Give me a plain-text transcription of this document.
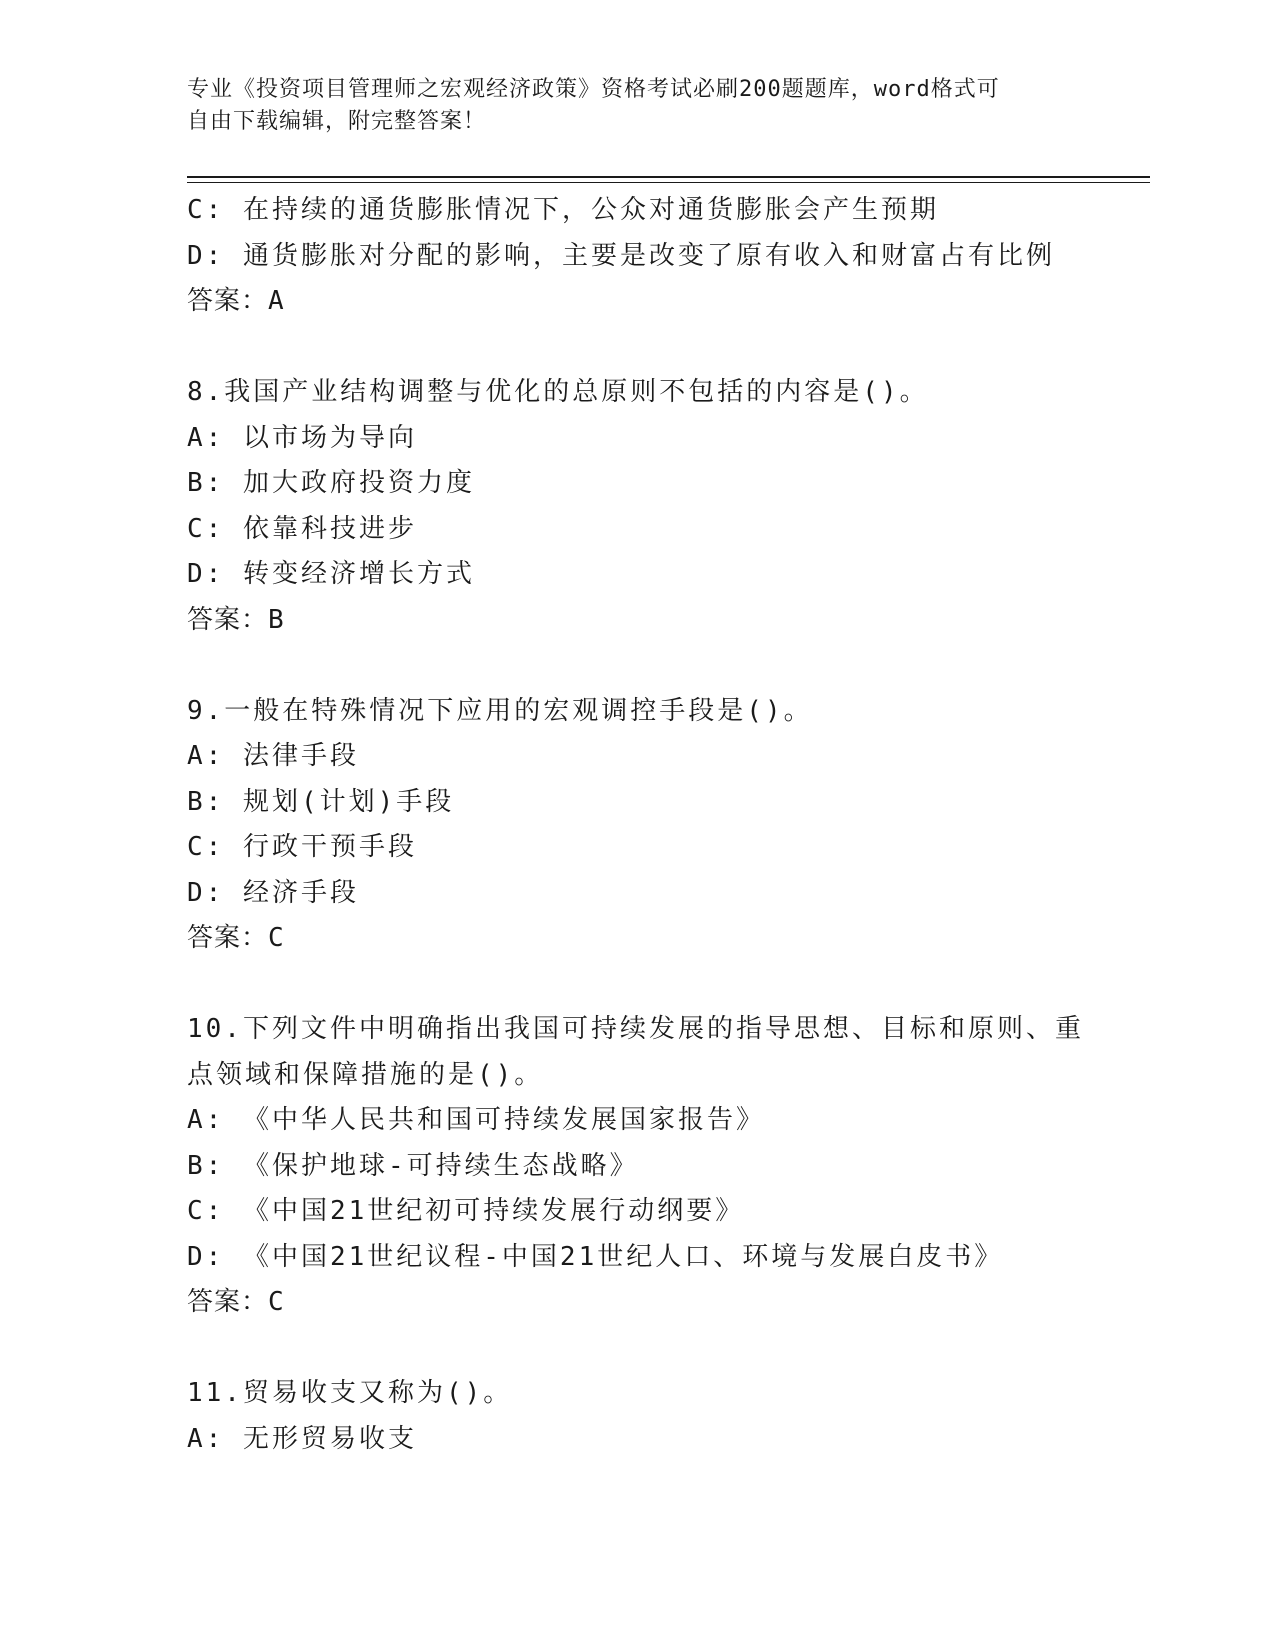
专业《投资项目管理师之宏观经济政策》资格考试必刷200题题库，word格式可
自由下载编辑，附完整答案！
C: 在持续的通货膨胀情况下，公众对通货膨胀会产生预期
D: 通货膨胀对分配的影响，主要是改变了原有收入和财富占有比例
答案：A
8.我国产业结构调整与优化的总原则不包括的内容是()。
A: 以市场为导向
B: 加大政府投资力度
C: 依靠科技进步
D: 转变经济增长方式
答案：B
9.一般在特殊情况下应用的宏观调控手段是()。
A: 法律手段
B: 规划(计划)手段
C: 行政干预手段
D: 经济手段
答案：C
10.下列文件中明确指出我国可持续发展的指导思想、目标和原则、重
点领域和保障措施的是()。
A: 《中华人民共和国可持续发展国家报告》
B: 《保护地球-可持续生态战略》
C: 《中国21世纪初可持续发展行动纲要》
D: 《中国21世纪议程-中国21世纪人口、环境与发展白皮书》
答案：C
11.贸易收支又称为()。
A: 无形贸易收支
